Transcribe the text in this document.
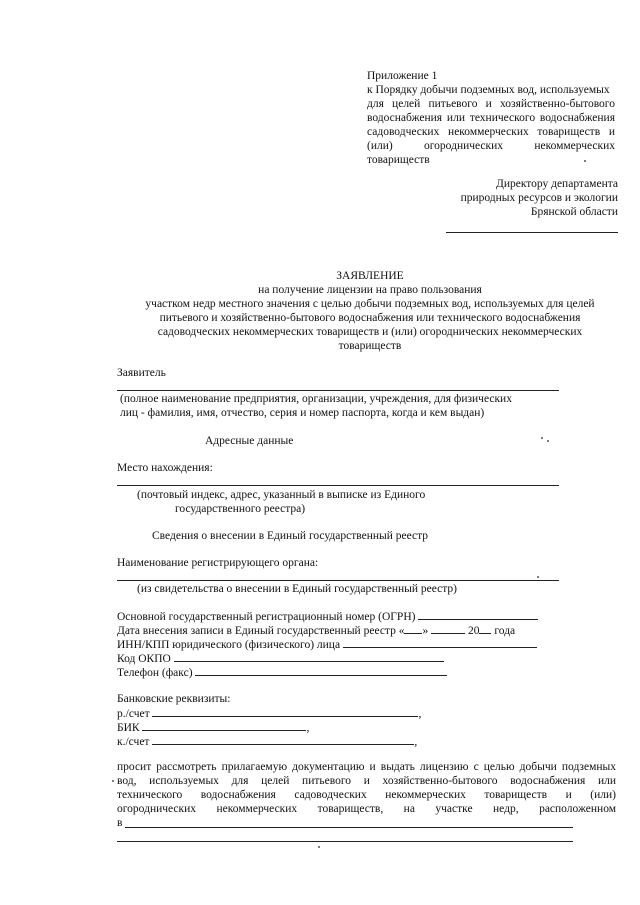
Приложение 1
к Порядку добычи подземных вод, используемых
для целей питьевого и хозяйственно-бытового
водоснабжения или технического водоснабжения
садоводческих некоммерческих товариществ и
(или) огороднических некоммерческих
товариществ
Директору департамента
природных ресурсов и экологии
Брянской области
ЗАЯВЛЕНИЕ
на получение лицензии на право пользования
участком недр местного значения с целью добычи подземных вод, используемых для целей
питьевого и хозяйственно-бытового водоснабжения или технического водоснабжения
садоводческих некоммерческих товариществ и (или) огороднических некоммерческих
товариществ
Заявитель
(полное наименование предприятия, организации, учреждения, для физических
лиц - фамилия, имя, отчество, серия и номер паспорта, когда и кем выдан)
Адресные данные
Место нахождения:
(почтовый индекс, адрес, указанный в выписке из Единого
государственного реестра)
Сведения о внесении в Единый государственный реестр
Наименование регистрирующего органа:
(из свидетельства о внесении в Единый государственный реестр)
Основной государственный регистрационный номер (ОГРН)
Дата внесения записи в Единый государственный реестр « »	20 года
ИНН/КПП юридического (физического) лица
Код ОКПО
Телефон (факс)
Банковские реквизиты:
р./счет	,
БИК	,
к./счет	,
просит рассмотреть прилагаемую документацию и выдать лицензию с целью добычи подземных
вод, используемых для целей питьевого и хозяйственно-бытового водоснабжения или
технического водоснабжения садоводческих некоммерческих товариществ и (или)
огороднических некоммерческих товариществ, на участке недр, расположенном
в
